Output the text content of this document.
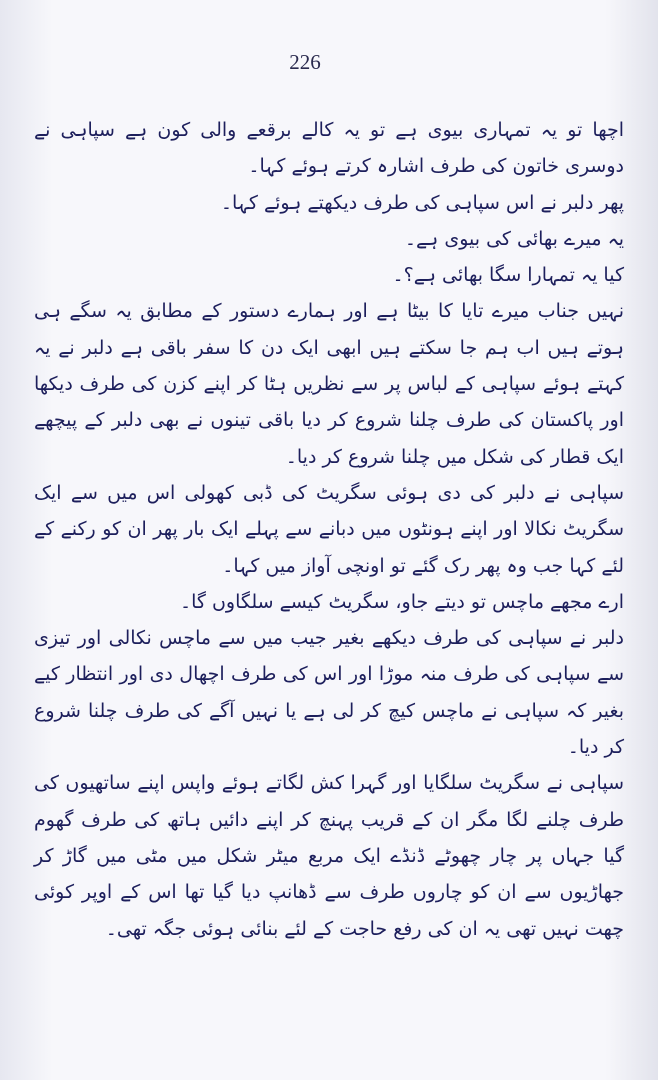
226

اچھا تو یہ تمہاری بیوی ہے تو یہ کالے برقعے والی کون ہے سپاہی نے دوسری خاتون کی طرف اشارہ کرتے ہوئے کہا۔

پھر دلبر نے اس سپاہی کی طرف دیکھتے ہوئے کہا۔

یہ میرے بھائی کی بیوی ہے۔

کیا یہ تمہارا سگا بھائی ہے؟۔

نہیں جناب میرے تایا کا بیٹا ہے اور ہمارے دستور کے مطابق یہ سگے ہی ہوتے ہیں اب ہم جا سکتے ہیں ابھی ایک دن کا سفر باقی ہے دلبر نے یہ کہتے ہوئے سپاہی کے لباس پر سے نظریں ہٹا کر اپنے کزن کی طرف دیکھا اور پاکستان کی طرف چلنا شروع کر دیا باقی تینوں نے بھی دلبر کے پیچھے ایک قطار کی شکل میں چلنا شروع کر دیا۔

سپاہی نے دلبر کی دی ہوئی سگریٹ کی ڈبی کھولی اس میں سے ایک سگریٹ نکالا اور اپنے ہونٹوں میں دبانے سے پہلے ایک بار پھر ان کو رکنے کے لئے کہا جب وہ پھر رک گئے تو اونچی آواز میں کہا۔

ارے مجھے ماچس تو دیتے جاو، سگریٹ کیسے سلگاوں گا۔

دلبر نے سپاہی کی طرف دیکھے بغیر جیب میں سے ماچس نکالی اور تیزی سے سپاہی کی طرف منہ موڑا اور اس کی طرف اچھال دی اور انتظار کیے بغیر کہ سپاہی نے ماچس کیچ کر لی ہے یا نہیں آگے کی طرف چلنا شروع کر دیا۔

سپاہی نے سگریٹ سلگایا اور گہرا کش لگاتے ہوئے واپس اپنے ساتھیوں کی طرف چلنے لگا مگر ان کے قریب پہنچ کر اپنے دائیں ہاتھ کی طرف گھوم گیا جہاں پر چار چھوٹے ڈنڈے ایک مربع میٹر شکل میں مٹی میں گاڑ کر جھاڑیوں سے ان کو چاروں طرف سے ڈھانپ دیا گیا تھا اس کے اوپر کوئی چھت نہیں تھی یہ ان کی رفع حاجت کے لئے بنائی ہوئی جگہ تھی۔
